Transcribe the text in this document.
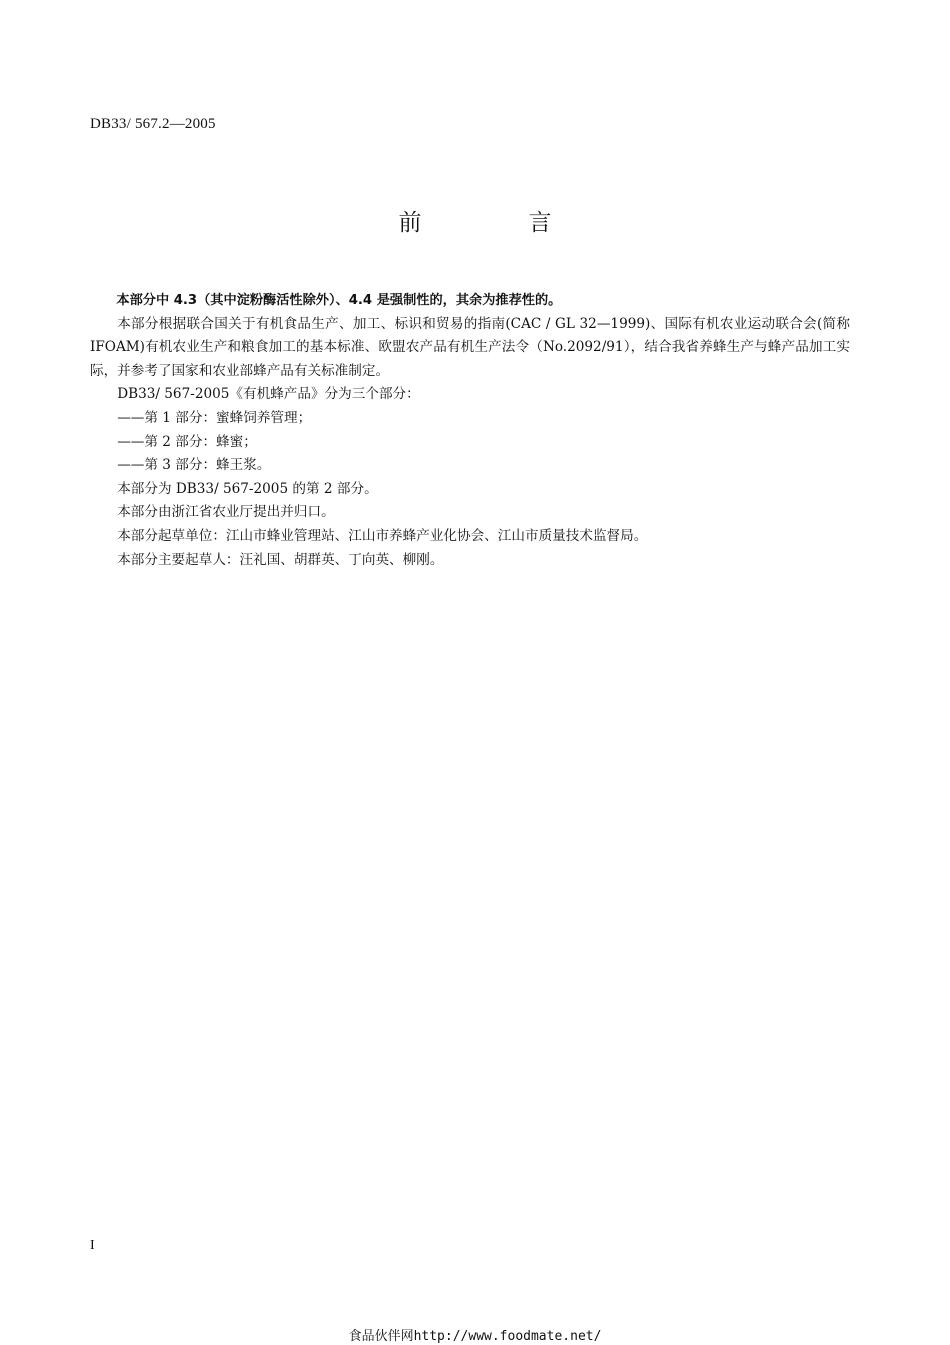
DB33/ 567.2—2005
前　言

本部分中 4.3（其中淀粉酶活性除外）、4.4 是强制性的，其余为推荐性的。

本部分根据联合国关于有机食品生产、加工、标识和贸易的指南(CAC / GL 32—1999)、国际有机农业运动联合会(简称 IFOAM)有机农业生产和粮食加工的基本标准、欧盟农产品有机生产法令（No.2092/91），结合我省养蜂生产与蜂产品加工实际，并参考了国家和农业部蜂产品有关标准制定。

DB33/ 567-2005《有机蜂产品》分为三个部分：

——第 1 部分：蜜蜂饲养管理；

——第 2 部分：蜂蜜；

——第 3 部分：蜂王浆。

本部分为 DB33/ 567-2005 的第 2 部分。

本部分由浙江省农业厅提出并归口。

本部分起草单位：江山市蜂业管理站、江山市养蜂产业化协会、江山市质量技术监督局。

本部分主要起草人：汪礼国、胡群英、丁向英、柳刚。

I
食品伙伴网http://www.foodmate.net/
